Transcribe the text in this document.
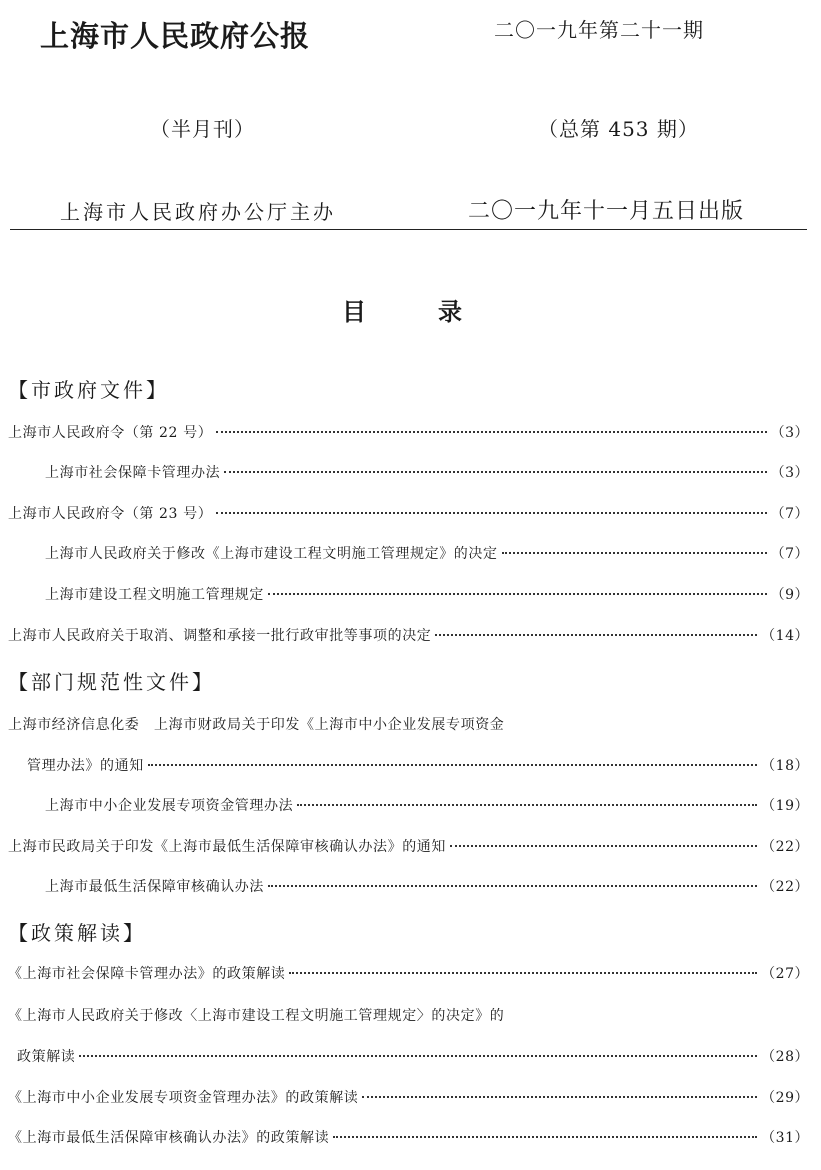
上海市人民政府公报	二〇一九年第二十一期
（半月刊）	（总第 453 期）
上海市人民政府办公厅主办	二〇一九年十一月五日出版
目录
【市政府文件】
上海市人民政府令（第 22 号）	（3）
上海市社会保障卡管理办法	（3）
上海市人民政府令（第 23 号）	（7）
上海市人民政府关于修改《上海市建设工程文明施工管理规定》的决定	（7）
上海市建设工程文明施工管理规定	（9）
上海市人民政府关于取消、调整和承接一批行政审批等事项的决定	（14）
【部门规范性文件】
上海市经济信息化委　上海市财政局关于印发《上海市中小企业发展专项资金
管理办法》的通知	（18）
上海市中小企业发展专项资金管理办法	（19）
上海市民政局关于印发《上海市最低生活保障审核确认办法》的通知	（22）
上海市最低生活保障审核确认办法	（22）
【政策解读】
《上海市社会保障卡管理办法》的政策解读	（27）
《上海市人民政府关于修改〈上海市建设工程文明施工管理规定〉的决定》的
政策解读	（28）
《上海市中小企业发展专项资金管理办法》的政策解读	（29）
《上海市最低生活保障审核确认办法》的政策解读	（31）
